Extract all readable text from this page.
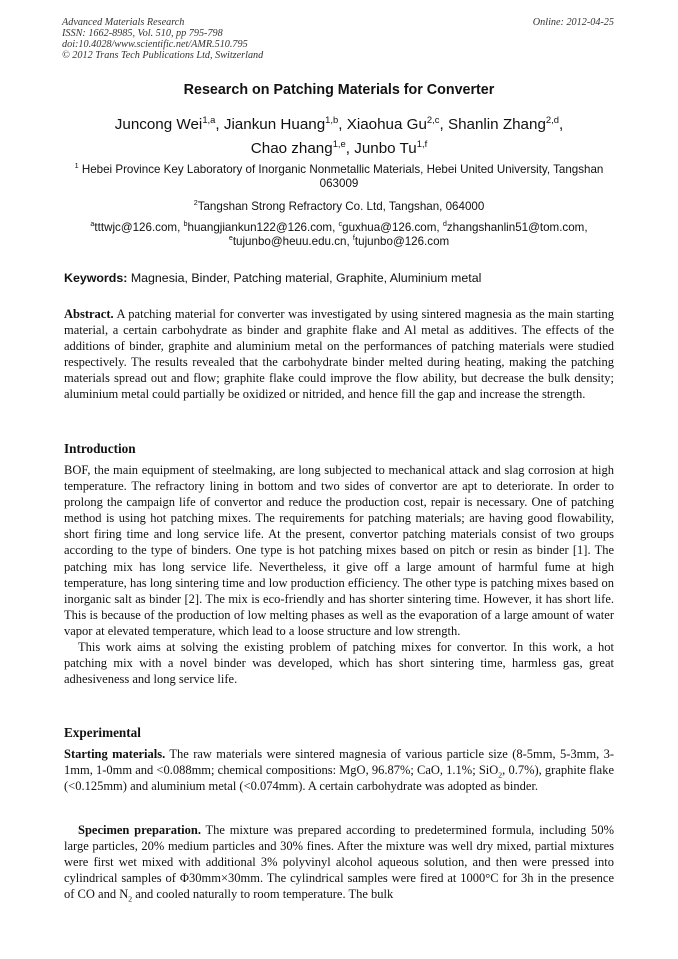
Advanced Materials Research
ISSN: 1662-8985, Vol. 510, pp 795-798
doi:10.4028/www.scientific.net/AMR.510.795
© 2012 Trans Tech Publications Ltd, Switzerland
Online: 2012-04-25
Research on Patching Materials for Converter
Juncong Wei$^{1,a}$, Jiankun Huang$^{1,b}$, Xiaohua Gu$^{2,c}$, Shanlin Zhang$^{2,d}$,
Chao zhang$^{1,e}$, Junbo Tu$^{1,f}$
$^1$ Hebei Province Key Laboratory of Inorganic Nonmetallic Materials, Hebei United University, Tangshan 063009
$^2$Tangshan Strong Refractory Co. Ltd, Tangshan, 064000
$^a$tttwjc@126.com, $^b$huangjiankun122@126.com, $^c$guxhua@126.com, $^d$zhangshanlin51@tom.com,
$^e$tujunbo@heuu.edu.cn, $^f$tujunbo@126.com
Keywords: Magnesia, Binder, Patching material, Graphite, Aluminium metal
Abstract. A patching material for converter was investigated by using sintered magnesia as the main starting material, a certain carbohydrate as binder and graphite flake and Al metal as additives. The effects of the additions of binder, graphite and aluminium metal on the performances of patching materials were studied respectively. The results revealed that the carbohydrate binder melted during heating, making the patching materials spread out and flow; graphite flake could improve the flow ability, but decrease the bulk density; aluminium metal could partially be oxidized or nitrided, and hence fill the gap and increase the strength.
Introduction

BOF, the main equipment of steelmaking, are long subjected to mechanical attack and slag corrosion at high temperature. The refractory lining in bottom and two sides of convertor are apt to deteriorate. In order to prolong the campaign life of convertor and reduce the production cost, repair is necessary. One of patching method is using hot patching mixes. The requirements for patching materials; are having good flowability, short firing time and long service life. At the present, convertor patching materials consist of two groups according to the type of binders. One type is hot patching mixes based on pitch or resin as binder [1]. The patching mix has long service life. Nevertheless, it give off a large amount of harmful fume at high temperature, has long sintering time and low production efficiency. The other type is patching mixes based on inorganic salt as binder [2]. The mix is eco-friendly and has shorter sintering time. However, it has short life. This is because of the production of low melting phases as well as the evaporation of a large amount of water vapor at elevated temperature, which lead to a loose structure and low strength.

This work aims at solving the existing problem of patching mixes for convertor. In this work, a hot patching mix with a novel binder was developed, which has short sintering time, harmless gas, great adhesiveness and long service life.

Experimental
Starting materials. The raw materials were sintered magnesia of various particle size (8-5mm, 5-3mm, 3-1mm, 1-0mm and <0.088mm; chemical compositions: MgO, 96.87%; CaO, 1.1%; SiO$_2$, 0.7%), graphite flake (<0.125mm) and aluminium metal (<0.074mm). A certain carbohydrate was adopted as binder.
Specimen preparation. The mixture was prepared according to predetermined formula, including 50% large particles, 20% medium particles and 30% fines. After the mixture was well dry mixed, partial mixtures were first wet mixed with additional 3% polyvinyl alcohol aqueous solution, and then were pressed into cylindrical samples of Φ30mm×30mm. The cylindrical samples were fired at 1000°C for 3h in the presence of CO and $N_2$ and cooled naturally to room temperature. The bulk
